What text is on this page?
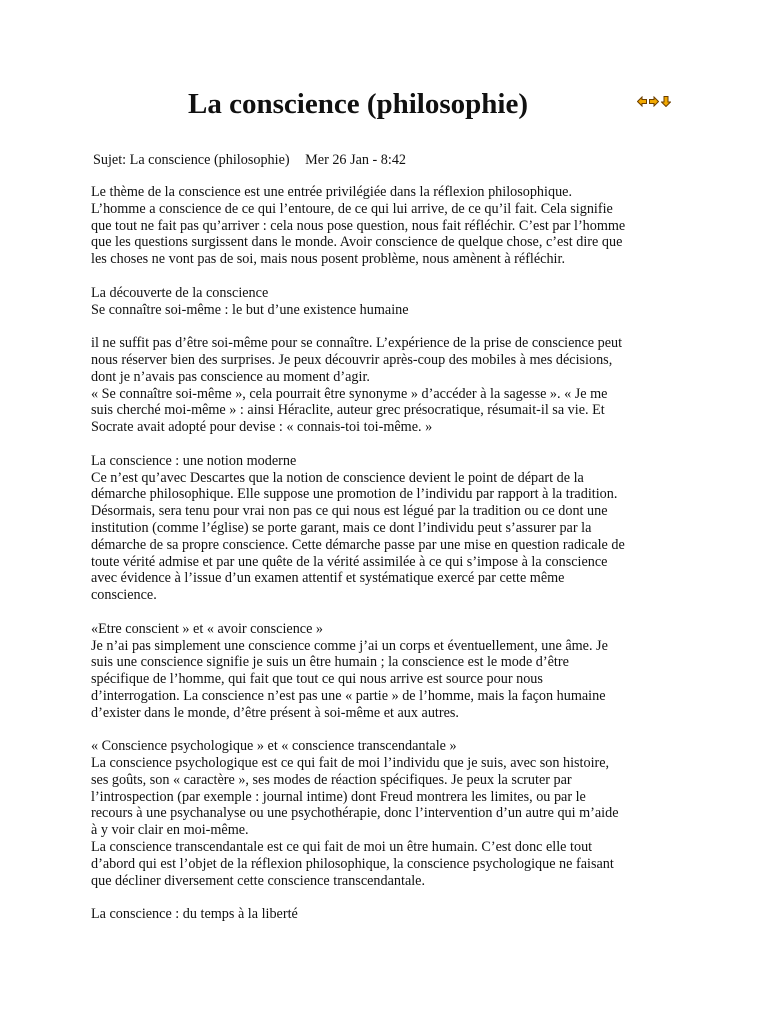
La conscience (philosophie)
Sujet: La conscience (philosophie) Mer 26 Jan - 8:42

Le thème de la conscience est une entrée privilégiée dans la réflexion philosophique.

L’homme a conscience de ce qui l’entoure, de ce qui lui arrive, de ce qu’il fait. Cela signifie

que tout ne fait pas qu’arriver : cela nous pose question, nous fait réfléchir. C’est par l’homme

que les questions surgissent dans le monde. Avoir conscience de quelque chose, c’est dire que

les choses ne vont pas de soi, mais nous posent problème, nous amènent à réfléchir.

La découverte de la conscience

Se connaître soi-même : le but d’une existence humaine

il ne suffit pas d’être soi-même pour se connaître. L’expérience de la prise de conscience peut

nous réserver bien des surprises. Je peux découvrir après-coup des mobiles à mes décisions,

dont je n’avais pas conscience au moment d’agir.

« Se connaître soi-même », cela pourrait être synonyme » d’accéder à la sagesse ». « Je me

suis cherché moi-même » : ainsi Héraclite, auteur grec présocratique, résumait-il sa vie. Et

Socrate avait adopté pour devise : « connais-toi toi-même. »

La conscience : une notion moderne

Ce n’est qu’avec Descartes que la notion de conscience devient le point de départ de la

démarche philosophique. Elle suppose une promotion de l’individu par rapport à la tradition.

Désormais, sera tenu pour vrai non pas ce qui nous est légué par la tradition ou ce dont une

institution (comme l’église) se porte garant, mais ce dont l’individu peut s’assurer par la

démarche de sa propre conscience. Cette démarche passe par une mise en question radicale de

toute vérité admise et par une quête de la vérité assimilée à ce qui s’impose à la conscience

avec évidence à l’issue d’un examen attentif et systématique exercé par cette même

conscience.

«Etre conscient » et « avoir conscience »

Je n’ai pas simplement une conscience comme j’ai un corps et éventuellement, une âme. Je

suis une conscience signifie je suis un être humain ; la conscience est le mode d’être

spécifique de l’homme, qui fait que tout ce qui nous arrive est source pour nous

d’interrogation. La conscience n’est pas une « partie » de l’homme, mais la façon humaine

d’exister dans le monde, d’être présent à soi-même et aux autres.

« Conscience psychologique » et « conscience transcendantale »

La conscience psychologique est ce qui fait de moi l’individu que je suis, avec son histoire,

ses goûts, son « caractère », ses modes de réaction spécifiques. Je peux la scruter par

l’introspection (par exemple : journal intime) dont Freud montrera les limites, ou par le

recours à une psychanalyse ou une psychothérapie, donc l’intervention d’un autre qui m’aide

à y voir clair en moi-même.

La conscience transcendantale est ce qui fait de moi un être humain. C’est donc elle tout

d’abord qui est l’objet de la réflexion philosophique, la conscience psychologique ne faisant

que décliner diversement cette conscience transcendantale.

La conscience : du temps à la liberté
